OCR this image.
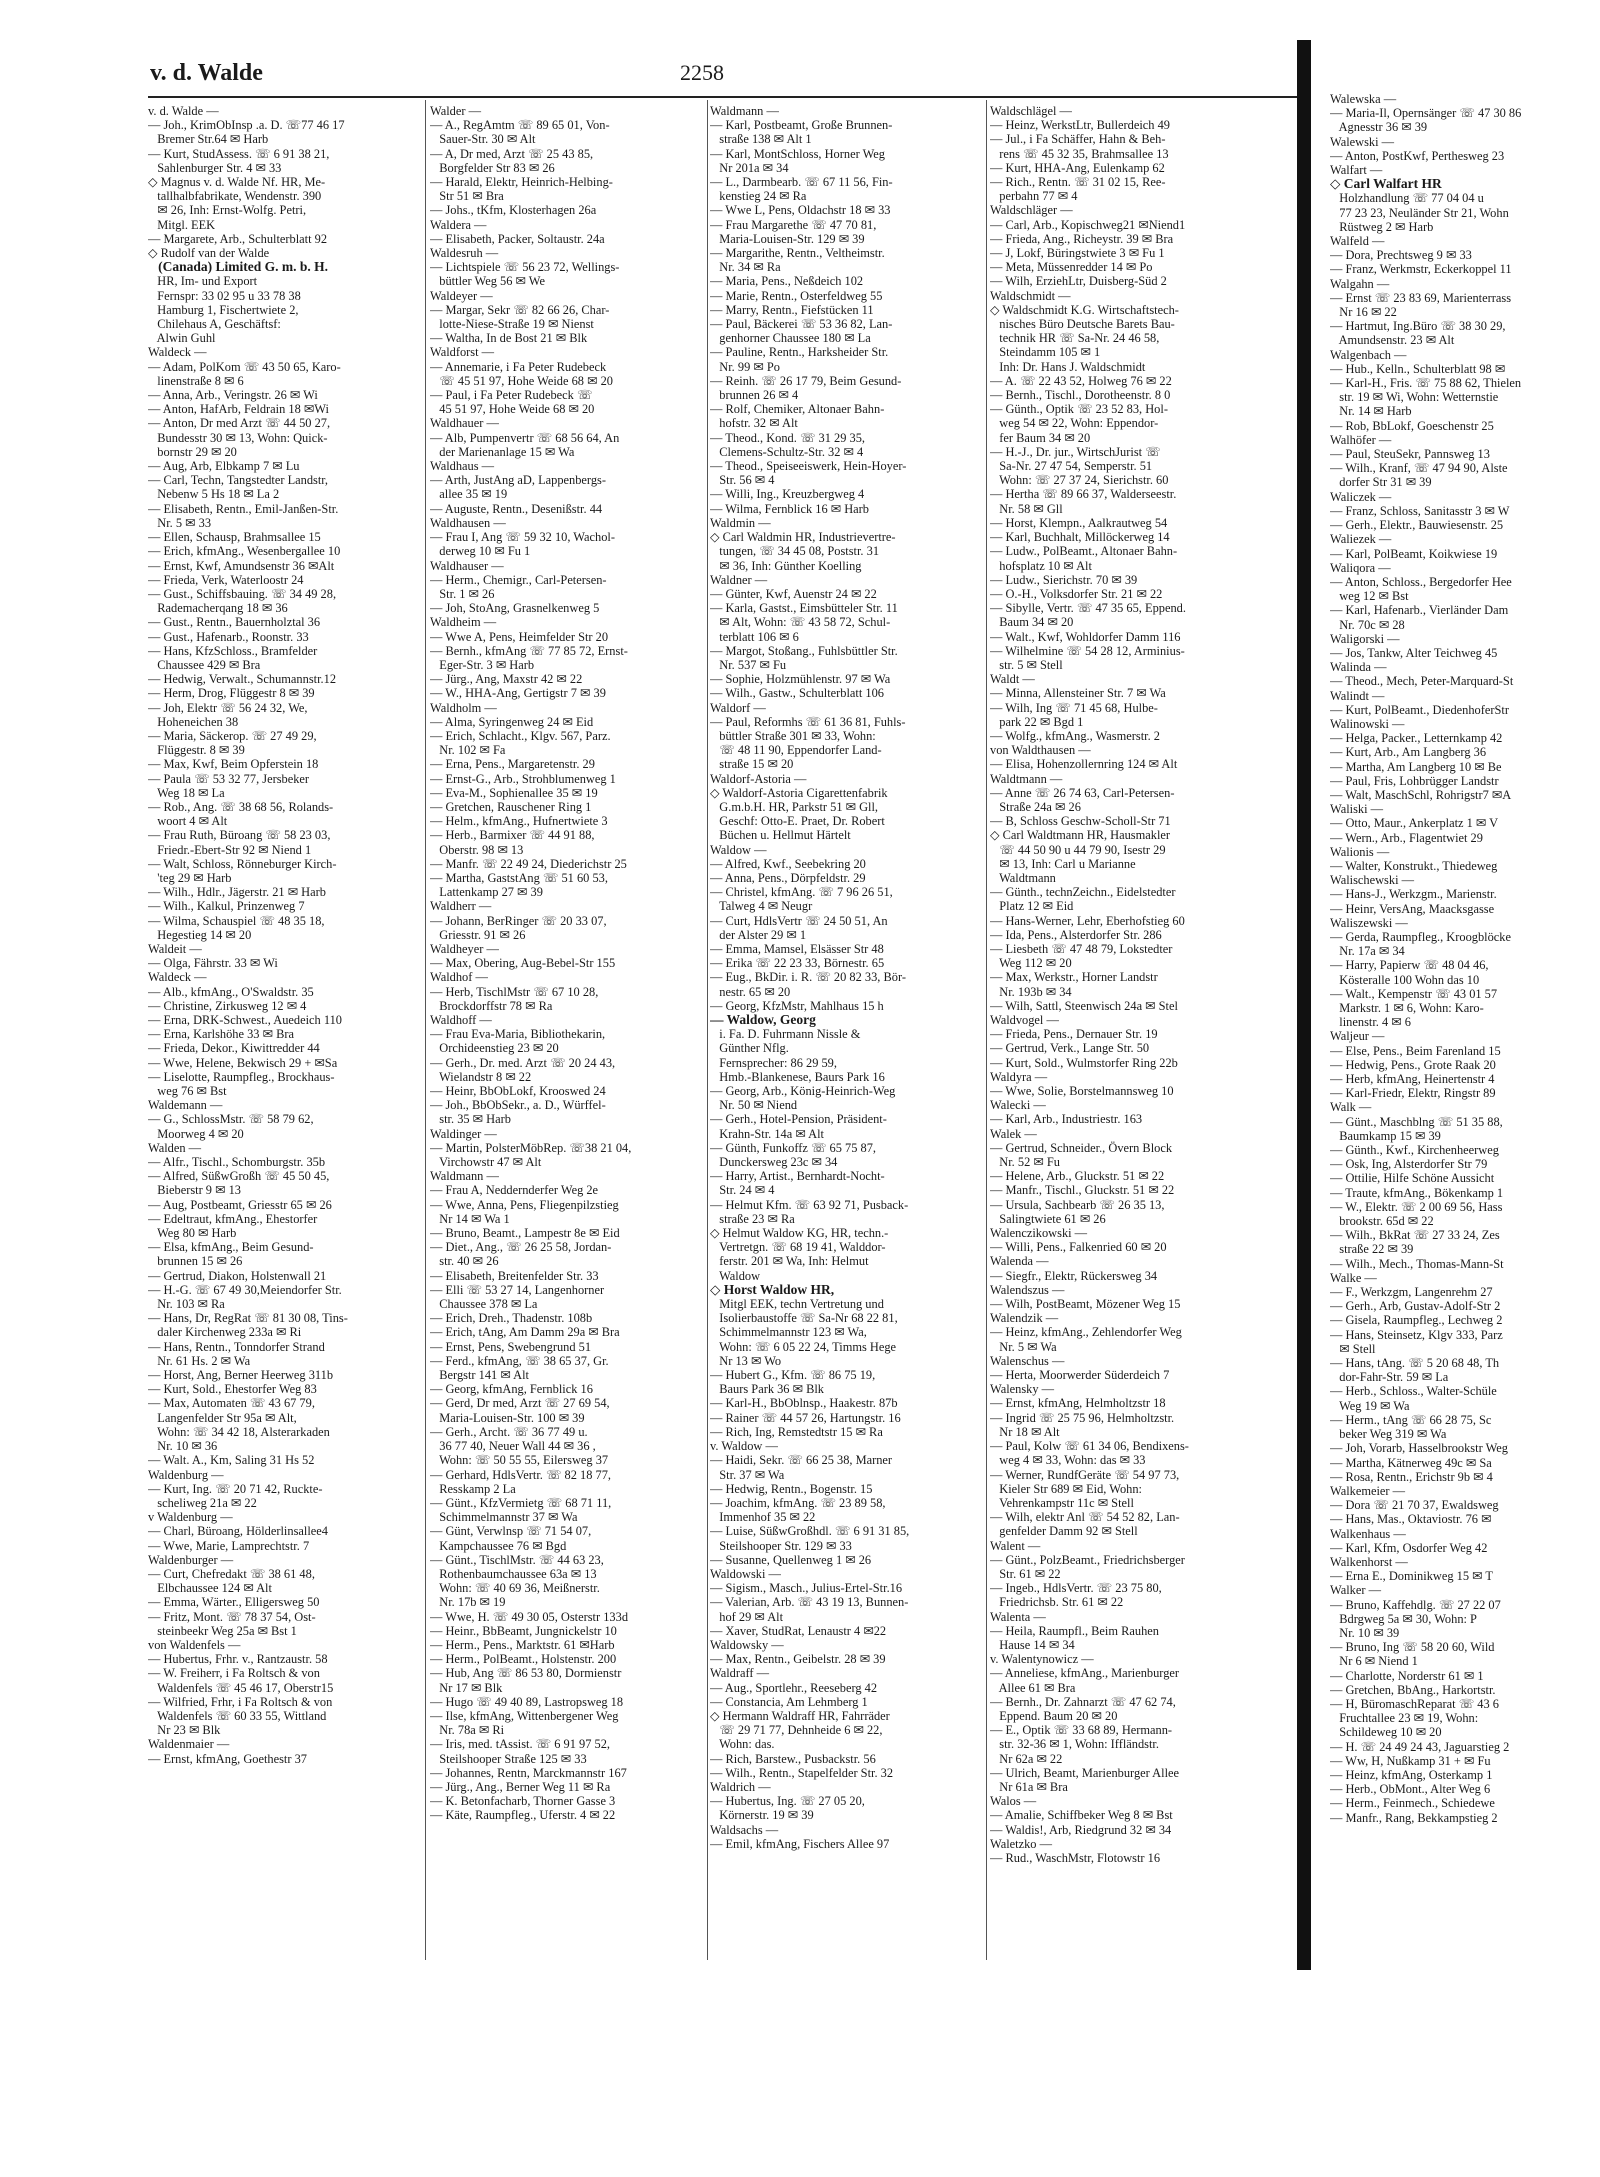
v. d. Walde	2258
v. d. Walde —
— Joh., KrimObInsp .a. D. ☏77 46 17
Bremer Str.64 ✉ Harb
— Kurt, StudAssess. ☏ 6 91 38 21,
Sahlenburger Str. 4 ✉ 33
◇ Magnus v. d. Walde Nf. HR, Me-
tallhalbfabrikate, Wendenstr. 390
✉ 26, Inh: Ernst-Wolfg. Petri,
Mitgl. EEK
— Margarete, Arb., Schulterblatt 92
◇ Rudolf van der Walde
(Canada) Limited G. m. b. H.
HR, Im- und Export
Fernspr: 33 02 95 u 33 78 38
Hamburg 1, Fischertwiete 2,
Chilehaus A, Geschäftsf:
Alwin Guhl
Waldeck —
— Adam, PolKom ☏ 43 50 65, Karo-
linenstraße 8 ✉ 6
— Anna, Arb., Veringstr. 26 ✉ Wi
— Anton, HafArb, Feldrain 18 ✉Wi
— Anton, Dr med Arzt ☏ 44 50 27,
Bundesstr 30 ✉ 13, Wohn: Quick-
bornstr 29 ✉ 20
— Aug, Arb, Elbkamp 7 ✉ Lu
— Carl, Techn, Tangstedter Landstr,
Nebenw 5 Hs 18 ✉ La 2
— Elisabeth, Rentn., Emil-Janßen-Str.
Nr. 5 ✉ 33
— Ellen, Schausp, Brahmsallee 15
— Erich, kfmAng., Wesenbergallee 10
— Ernst, Kwf, Amundsenstr 36 ✉Alt
— Frieda, Verk, Waterloostr 24
— Gust., Schiffsbauing. ☏ 34 49 28,
Rademacherqang 18 ✉ 36
— Gust., Rentn., Bauernholztal 36
— Gust., Hafenarb., Roonstr. 33
— Hans, KfzSchloss., Bramfelder
Chaussee 429 ✉ Bra
— Hedwig, Verwalt., Schumannstr.12
— Herm, Drog, Flüggestr 8 ✉ 39
— Joh, Elektr ☏ 56 24 32, We,
Hoheneichen 38
— Maria, Säckerop. ☏ 27 49 29,
Flüggestr. 8 ✉ 39
— Max, Kwf, Beim Opferstein 18
— Paula ☏ 53 32 77, Jersbeker
Weg 18 ✉ La
— Rob., Ang. ☏ 38 68 56, Rolands-
woort 4 ✉ Alt
— Frau Ruth, Büroang ☏ 58 23 03,
Friedr.-Ebert-Str 92 ✉ Niend 1
— Walt, Schloss, Rönneburger Kirch-
'teg 29 ✉ Harb
— Wilh., Hdlr., Jägerstr. 21 ✉ Harb
— Wilh., Kalkul, Prinzenweg 7
— Wilma, Schauspiel ☏ 48 35 18,
Hegestieg 14 ✉ 20
Waldeit —
— Olga, Fährstr. 33 ✉ Wi
Waldeck —
— Alb., kfmAng., O'Swaldstr. 35
— Christine, Zirkusweg 12 ✉ 4
— Erna, DRK-Schwest., Auedeich 110
— Erna, Karlshöhe 33 ✉ Bra
— Frieda, Dekor., Kiwittredder 44
— Wwe, Helene, Bekwisch 29 + ✉Sa
— Liselotte, Raumpfleg., Brockhaus-
weg 76 ✉ Bst
Waldemann —
— G., SchlossMstr. ☏ 58 79 62,
Moorweg 4 ✉ 20
Walden —
— Alfr., Tischl., Schomburgstr. 35b
— Alfred, SüßwGroßh ☏ 45 50 45,
Bieberstr 9 ✉ 13
— Aug, Postbeamt, Griesstr 65 ✉ 26
— Edeltraut, kfmAng., Ehestorfer
Weg 80 ✉ Harb
— Elsa, kfmAng., Beim Gesund-
brunnen 15 ✉ 26
— Gertrud, Diakon, Holstenwall 21
— H.-G. ☏ 67 49 30,Meiendorfer Str.
Nr. 103 ✉ Ra
— Hans, Dr, RegRat ☏ 81 30 08, Tins-
daler Kirchenweg 233a ✉ Ri
— Hans, Rentn., Tonndorfer Strand
Nr. 61 Hs. 2 ✉ Wa
— Horst, Ang, Berner Heerweg 311b
— Kurt, Sold., Ehestorfer Weg 83
— Max, Automaten ☏ 43 67 79,
Langenfelder Str 95a ✉ Alt,
Wohn: ☏ 34 42 18, Alsterarkaden
Nr. 10 ✉ 36
— Walt. A., Km, Saling 31 Hs 52
Waldenburg —
— Kurt, Ing. ☏ 20 71 42, Ruckte-
scheliweg 21a ✉ 22
v Waldenburg —
— Charl, Büroang, Hölderlinsallee4
— Wwe, Marie, Lamprechtstr. 7
Waldenburger —
— Curt, Chefredakt ☏ 38 61 48,
Elbchaussee 124 ✉ Alt
— Emma, Wärter., Elligersweg 50
— Fritz, Mont. ☏ 78 37 54, Ost-
steinbeekr Weg 25a ✉ Bst 1
von Waldenfels —
— Hubertus, Frhr. v., Rantzaustr. 58
— W. Freiherr, i Fa Roltsch & von
Waldenfels ☏ 45 46 17, Oberstr15
— Wilfried, Frhr, i Fa Roltsch & von
Waldenfels ☏ 60 33 55, Wittland
Nr 23 ✉ Blk
Waldenmaier —
— Ernst, kfmAng, Goethestr 37
Walder —
— A., RegAmtm ☏ 89 65 01, Von-
Sauer-Str. 30 ✉ Alt
— A, Dr med, Arzt ☏ 25 43 85,
Borgfelder Str 83 ✉ 26
— Harald, Elektr, Heinrich-Helbing-
Str 51 ✉ Bra
— Johs., tKfm, Klosterhagen 26a
Waldera —
— Elisabeth, Packer, Soltaustr. 24a
Waldesruh —
— Lichtspiele ☏ 56 23 72, Wellings-
büttler Weg 56 ✉ We
Waldeyer —
— Margar, Sekr ☏ 82 66 26, Char-
lotte-Niese-Straße 19 ✉ Nienst
— Waltha, In de Bost 21 ✉ Blk
Waldforst —
— Annemarie, i Fa Peter Rudebeck
☏ 45 51 97, Hohe Weide 68 ✉ 20
— Paul, i Fa Peter Rudebeck ☏
45 51 97, Hohe Weide 68 ✉ 20
Waldhauer —
— Alb, Pumpenvertr ☏ 68 56 64, An
der Marienanlage 15 ✉ Wa
Waldhaus —
— Arth, JustAng aD, Lappenbergs-
allee 35 ✉ 19
— Auguste, Rentn., Desenißstr. 44
Waldhausen —
— Frau I, Ang ☏ 59 32 10, Wachol-
derweg 10 ✉ Fu 1
Waldhauser —
— Herm., Chemigr., Carl-Petersen-
Str. 1 ✉ 26
— Joh, StoAng, Grasnelkenweg 5
Waldheim —
— Wwe A, Pens, Heimfelder Str 20
— Bernh., kfmAng ☏ 77 85 72, Ernst-
Eger-Str. 3 ✉ Harb
— Jürg., Ang, Maxstr 42 ✉ 22
— W., HHA-Ang, Gertigstr 7 ✉ 39
Waldholm —
— Alma, Syringenweg 24 ✉ Eid
— Erich, Schlacht., Klgv. 567, Parz.
Nr. 102 ✉ Fa
— Erna, Pens., Margaretenstr. 29
— Ernst-G., Arb., Strohblumenweg 1
— Eva-M., Sophienallee 35 ✉ 19
— Gretchen, Rauschener Ring 1
— Helm., kfmAng., Hufnertwiete 3
— Herb., Barmixer ☏ 44 91 88,
Oberstr. 98 ✉ 13
— Manfr. ☏ 22 49 24, Diederichstr 25
— Martha, GaststAng ☏ 51 60 53,
Lattenkamp 27 ✉ 39
Waldherr —
— Johann, BerRinger ☏ 20 33 07,
Griesstr. 91 ✉ 26
Waldheyer —
— Max, Obering, Aug-Bebel-Str 155
Waldhof —
— Herb, TischlMstr ☏ 67 10 28,
Brockdorffstr 78 ✉ Ra
Waldhoff —
— Frau Eva-Maria, Bibliothekarin,
Orchideenstieg 23 ✉ 20
— Gerh., Dr. med. Arzt ☏ 20 24 43,
Wielandstr 8 ✉ 22
— Heinr, BbObLokf, Krooswed 24
— Joh., BbObSekr., a. D., Würffel-
str. 35 ✉ Harb
Waldinger —
— Martin, PolsterMöbRep. ☏38 21 04,
Virchowstr 47 ✉ Alt
Waldmann —
— Frau A, Neddernderfer Weg 2e
— Wwe, Anna, Pens, Fliegenpilzstieg
Nr 14 ✉ Wa 1
— Bruno, Beamt., Lampestr 8e ✉ Eid
— Diet., Ang., ☏ 26 25 58, Jordan-
str. 40 ✉ 26
— Elisabeth, Breitenfelder Str. 33
— Elli ☏ 53 27 14, Langenhorner
Chaussee 378 ✉ La
— Erich, Dreh., Thadenstr. 108b
— Erich, tAng, Am Damm 29a ✉ Bra
— Ernst, Pens, Swebengrund 51
— Ferd., kfmAng, ☏ 38 65 37, Gr.
Bergstr 141 ✉ Alt
— Georg, kfmAng, Fernblick 16
— Gerd, Dr med, Arzt ☏ 27 69 54,
Maria-Louisen-Str. 100 ✉ 39
— Gerh., Archt. ☏ 36 77 49 u.
36 77 40, Neuer Wall 44 ✉ 36 ,
Wohn: ☏ 50 55 55, Eilersweg 37
— Gerhard, HdlsVertr. ☏ 82 18 77,
Resskamp 2 La
— Günt., KfzVermietg ☏ 68 71 11,
Schimmelmannstr 37 ✉ Wa
— Günt, Verwlnsp ☏ 71 54 07,
Kampchaussee 76 ✉ Bgd
— Günt., TischlMstr. ☏ 44 63 23,
Rothenbaumchaussee 63a ✉ 13
Wohn: ☏ 40 69 36, Meißnerstr.
Nr. 17b ✉ 19
— Wwe, H. ☏ 49 30 05, Osterstr 133d
— Heinr., BbBeamt, Jungnickelstr 10
— Herm., Pens., Marktstr. 61 ✉Harb
— Herm., PolBeamt., Holstenstr. 200
— Hub, Ang ☏ 86 53 80, Dormienstr
Nr 17 ✉ Blk
— Hugo ☏ 49 40 89, Lastropsweg 18
— Ilse, kfmAng, Wittenbergener Weg
Nr. 78a ✉ Ri
— Iris, med. tAssist. ☏ 6 91 97 52,
Steilshooper Straße 125 ✉ 33
— Johannes, Rentn, Marckmannstr 167
— Jürg., Ang., Berner Weg 11 ✉ Ra
— K. Betonfacharb, Thorner Gasse 3
— Käte, Raumpfleg., Uferstr. 4 ✉ 22
Waldmann —
— Karl, Postbeamt, Große Brunnen-
straße 138 ✉ Alt 1
— Karl, MontSchloss, Horner Weg
Nr 201a ✉ 34
— L., Darmbearb. ☏ 67 11 56, Fin-
kenstieg 24 ✉ Ra
— Wwe L, Pens, Oldachstr 18 ✉ 33
— Frau Margarethe ☏ 47 70 81,
Maria-Louisen-Str. 129 ✉ 39
— Margarithe, Rentn., Veltheimstr.
Nr. 34 ✉ Ra
— Maria, Pens., Neßdeich 102
— Marie, Rentn., Osterfeldweg 55
— Marry, Rentn., Fiefstücken 11
— Paul, Bäckerei ☏ 53 36 82, Lan-
genhorner Chaussee 180 ✉ La
— Pauline, Rentn., Harksheider Str.
Nr. 99 ✉ Po
— Reinh. ☏ 26 17 79, Beim Gesund-
brunnen 26 ✉ 4
— Rolf, Chemiker, Altonaer Bahn-
hofstr. 32 ✉ Alt
— Theod., Kond. ☏ 31 29 35,
Clemens-Schultz-Str. 32 ✉ 4
— Theod., Speiseeiswerk, Hein-Hoyer-
Str. 56 ✉ 4
— Willi, Ing., Kreuzbergweg 4
— Wilma, Fernblick 16 ✉ Harb
Waldmin —
◇ Carl Waldmin HR, Industrievertre-
tungen, ☏ 34 45 08, Poststr. 31
✉ 36, Inh: Günther Koelling
Waldner —
— Günter, Kwf, Auenstr 24 ✉ 22
— Karla, Gastst., Eimsbütteler Str. 11
✉ Alt, Wohn: ☏ 43 58 72, Schul-
terblatt 106 ✉ 6
— Margot, Stoßang., Fuhlsbüttler Str.
Nr. 537 ✉ Fu
— Sophie, Holzmühlenstr. 97 ✉ Wa
— Wilh., Gastw., Schulterblatt 106
Waldorf —
— Paul, Reformhs ☏ 61 36 81, Fuhls-
büttler Straße 301 ✉ 33, Wohn:
☏ 48 11 90, Eppendorfer Land-
straße 15 ✉ 20
Waldorf-Astoria —
◇ Waldorf-Astoria Cigarettenfabrik
G.m.b.H. HR, Parkstr 51 ✉ Gll,
Geschf: Otto-E. Praet, Dr. Robert
Büchen u. Hellmut Härtelt
Waldow —
— Alfred, Kwf., Seebekring 20
— Anna, Pens., Dörpfeldstr. 29
— Christel, kfmAng. ☏ 7 96 26 51,
Talweg 4 ✉ Neugr
— Curt, HdlsVertr ☏ 24 50 51, An
der Alster 29 ✉ 1
— Emma, Mamsel, Elsässer Str 48
— Erika ☏ 22 23 33, Börnestr. 65
— Eug., BkDir. i. R. ☏ 20 82 33, Bör-
nestr. 65 ✉ 20
— Georg, KfzMstr, Mahlhaus 15 h
— Waldow, Georg
i. Fa. D. Fuhrmann Nissle &
Günther Nflg.
Fernsprecher: 86 29 59,
Hmb.-Blankenese, Baurs Park 16
— Georg, Arb., König-Heinrich-Weg
Nr. 50 ✉ Niend
— Gerh., Hotel-Pension, Präsident-
Krahn-Str. 14a ✉ Alt
— Günth, Funkoffz ☏ 65 75 87,
Dunckersweg 23c ✉ 34
— Harry, Artist., Bernhardt-Nocht-
Str. 24 ✉ 4
— Helmut Kfm. ☏ 63 92 71, Pusback-
straße 23 ✉ Ra
◇ Helmut Waldow KG, HR, techn.-
Vertretgn. ☏ 68 19 41, Walddor-
ferstr. 201 ✉ Wa, Inh: Helmut
Waldow
◇ Horst Waldow HR,
Mitgl EEK, techn Vertretung und
Isolierbaustoffe ☏ Sa-Nr 68 22 81,
Schimmelmannstr 123 ✉ Wa,
Wohn: ☏ 6 05 22 24, Timms Hege
Nr 13 ✉ Wo
— Hubert G., Kfm. ☏ 86 75 19,
Baurs Park 36 ✉ Blk
— Karl-H., BbOblnsp., Haakestr. 87b
— Rainer ☏ 44 57 26, Hartungstr. 16
— Rich, Ing, Remstedtstr 15 ✉ Ra
v. Waldow —
— Haidi, Sekr. ☏ 66 25 38, Marner
Str. 37 ✉ Wa
— Hedwig, Rentn., Bogenstr. 15
— Joachim, kfmAng. ☏ 23 89 58,
Immenhof 35 ✉ 22
— Luise, SüßwGroßhdl. ☏ 6 91 31 85,
Steilshooper Str. 129 ✉ 33
— Susanne, Quellenweg 1 ✉ 26
Waldowski —
— Sigism., Masch., Julius-Ertel-Str.16
— Valerian, Arb. ☏ 43 19 13, Bunnen-
hof 29 ✉ Alt
— Xaver, StudRat, Lenaustr 4 ✉22
Waldowsky —
— Max, Rentn., Geibelstr. 28 ✉ 39
Waldraff —
— Aug., Sportlehr., Reeseberg 42
— Constancia, Am Lehmberg 1
◇ Hermann Waldraff HR, Fahrräder
☏ 29 71 77, Dehnheide 6 ✉ 22,
Wohn: das.
— Rich, Barstew., Pusbackstr. 56
— Wilh., Rentn., Stapelfelder Str. 32
Waldrich —
— Hubertus, Ing. ☏ 27 05 20,
Körnerstr. 19 ✉ 39
Waldsachs —
— Emil, kfmAng, Fischers Allee 97
Waldschlägel —
— Heinz, WerkstLtr, Bullerdeich 49
— Jul., i Fa Schäffer, Hahn & Beh-
rens ☏ 45 32 35, Brahmsallee 13
— Kurt, HHA-Ang, Eulenkamp 62
— Rich., Rentn. ☏ 31 02 15, Ree-
perbahn 77 ✉ 4
Waldschläger —
— Carl, Arb., Kopischweg21 ✉Niend1
— Frieda, Ang., Richeystr. 39 ✉ Bra
— J, Lokf, Büringstwiete 3 ✉ Fu 1
— Meta, Müssenredder 14 ✉ Po
— Wilh, ErziehLtr, Duisberg-Süd 2
Waldschmidt —
◇ Waldschmidt K.G. Wirtschaftstech-
nisches Büro Deutsche Barets Bau-
technik HR ☏ Sa-Nr. 24 46 58,
Steindamm 105 ✉ 1
Inh: Dr. Hans J. Waldschmidt
— A. ☏ 22 43 52, Holweg 76 ✉ 22
— Bernh., Tischl., Dorotheenstr. 8 0
— Günth., Optik ☏ 23 52 83, Hol-
weg 54 ✉ 22, Wohn: Eppendor-
fer Baum 34 ✉ 20
— H.-J., Dr. jur., WirtschJurist ☏
Sa-Nr. 27 47 54, Semperstr. 51
Wohn: ☏ 27 37 24, Sierichstr. 60
— Hertha ☏ 89 66 37, Walderseestr.
Nr. 58 ✉ Gll
— Horst, Klempn., Aalkrautweg 54
— Karl, Buchhalt, Millöckerweg 14
— Ludw., PolBeamt., Altonaer Bahn-
hofsplatz 10 ✉ Alt
— Ludw., Sierichstr. 70 ✉ 39
— O.-H., Volksdorfer Str. 21 ✉ 22
— Sibylle, Vertr. ☏ 47 35 65, Eppend.
Baum 34 ✉ 20
— Walt., Kwf, Wohldorfer Damm 116
— Wilhelmine ☏ 54 28 12, Arminius-
str. 5 ✉ Stell
Waldt —
— Minna, Allensteiner Str. 7 ✉ Wa
— Wilh, Ing ☏ 71 45 68, Hulbe-
park 22 ✉ Bgd 1
— Wolfg., kfmAng., Wasmerstr. 2
von Waldthausen —
— Elisa, Hohenzollernring 124 ✉ Alt
Waldtmann —
— Anne ☏ 26 74 63, Carl-Petersen-
Straße 24a ✉ 26
— B, Schloss Geschw-Scholl-Str 71
◇ Carl Waldtmann HR, Hausmakler
☏ 44 50 90 u 44 79 90, Isestr 29
✉ 13, Inh: Carl u Marianne
Waldtmann
— Günth., technZeichn., Eidelstedter
Platz 12 ✉ Eid
— Hans-Werner, Lehr, Eberhofstieg 60
— Ida, Pens., Alsterdorfer Str. 286
— Liesbeth ☏ 47 48 79, Lokstedter
Weg 112 ✉ 20
— Max, Werkstr., Horner Landstr
Nr. 193b ✉ 34
— Wilh, Sattl, Steenwisch 24a ✉ Stel
Waldvogel —
— Frieda, Pens., Dernauer Str. 19
— Gertrud, Verk., Lange Str. 50
— Kurt, Sold., Wulmstorfer Ring 22b
Waldyra —
— Wwe, Solie, Borstelmannsweg 10
Walecki —
— Karl, Arb., Industriestr. 163
Walek —
— Gertrud, Schneider., Övern Block
Nr. 52 ✉ Fu
— Helene, Arb., Gluckstr. 51 ✉ 22
— Manfr., Tischl., Gluckstr. 51 ✉ 22
— Ursula, Sachbearb ☏ 26 35 13,
Salingtwiete 61 ✉ 26
Walenczikowski —
— Willi, Pens., Falkenried 60 ✉ 20
Walenda —
— Siegfr., Elektr, Rückersweg 34
Walendszus —
— Wilh, PostBeamt, Mözener Weg 15
Walendzik —
— Heinz, kfmAng., Zehlendorfer Weg
Nr. 5 ✉ Wa
Walenschus —
— Herta, Moorwerder Süderdeich 7
Walensky —
— Ernst, kfmAng, Helmholtzstr 18
— Ingrid ☏ 25 75 96, Helmholtzstr.
Nr 18 ✉ Alt
— Paul, Kolw ☏ 61 34 06, Bendixens-
weg 4 ✉ 33, Wohn: das ✉ 33
— Werner, RundfGeräte ☏ 54 97 73,
Kieler Str 689 ✉ Eid, Wohn:
Vehrenkampstr 11c ✉ Stell
— Wilh, elektr Anl ☏ 54 52 82, Lan-
genfelder Damm 92 ✉ Stell
Walent —
— Günt., PolzBeamt., Friedrichsberger
Str. 61 ✉ 22
— Ingeb., HdlsVertr. ☏ 23 75 80,
Friedrichsb. Str. 61 ✉ 22
Walenta —
— Heila, Raumpfl., Beim Rauhen
Hause 14 ✉ 34
v. Walentynowicz —
— Anneliese, kfmAng., Marienburger
Allee 61 ✉ Bra
— Bernh., Dr. Zahnarzt ☏ 47 62 74,
Eppend. Baum 20 ✉ 20
— E., Optik ☏ 33 68 89, Hermann-
str. 32-36 ✉ 1, Wohn: Iffländstr.
Nr 62a ✉ 22
— Ulrich, Beamt, Marienburger Allee
Nr 61a ✉ Bra
Walos —
— Amalie, Schiffbeker Weg 8 ✉ Bst
— Waldis!, Arb, Riedgrund 32 ✉ 34
Waletzko —
— Rud., WaschMstr, Flotowstr 16
Walewska —
— Maria-Il, Opernsänger ☏ 47 30 86
Agnesstr 36 ✉ 39
Walewski —
— Anton, PostKwf, Perthesweg 23
Walfart —
◇ Carl Walfart HR
Holzhandlung ☏ 77 04 04 u
77 23 23, Neuländer Str 21, Wohn
Rüstweg 2 ✉ Harb
Walfeld —
— Dora, Prechtsweg 9 ✉ 33
— Franz, Werkmstr, Eckerkoppel 11
Walgahn —
— Ernst ☏ 23 83 69, Marienterrass
Nr 16 ✉ 22
— Hartmut, Ing.Büro ☏ 38 30 29,
Amundsenstr. 23 ✉ Alt
Walgenbach —
— Hub., Kelln., Schulterblatt 98 ✉
— Karl-H., Fris. ☏ 75 88 62, Thielen
str. 19 ✉ Wi, Wohn: Wetternstie
Nr. 14 ✉ Harb
— Rob, BbLokf, Goeschenstr 25
Walhöfer —
— Paul, SteuSekr, Pannsweg 13
— Wilh., Kranf, ☏ 47 94 90, Alste
dorfer Str 31 ✉ 39
Waliczek —
— Franz, Schloss, Sanitasstr 3 ✉ W
— Gerh., Elektr., Bauwiesenstr. 25
Waliezek —
— Karl, PolBeamt, Koikwiese 19
Waliqora —
— Anton, Schloss., Bergedorfer Hee
weg 12 ✉ Bst
— Karl, Hafenarb., Vierländer Dam
Nr. 70c ✉ 28
Waligorski —
— Jos, Tankw, Alter Teichweg 45
Walinda —
— Theod., Mech, Peter-Marquard-St
Walindt —
— Kurt, PolBeamt., DiedenhoferStr
Walinowski —
— Helga, Packer., Letternkamp 42
— Kurt, Arb., Am Langberg 36
— Martha, Am Langberg 10 ✉ Be
— Paul, Fris, Lohbrügger Landstr
— Walt, MaschSchl, Rohrigstr7 ✉A
Waliski —
— Otto, Maur., Ankerplatz 1 ✉ V
— Wern., Arb., Flagentwiet 29
Walionis —
— Walter, Konstrukt., Thiedeweg
Walischewski —
— Hans-J., Werkzgm., Marienstr.
— Heinr, VersAng, Maacksgasse
Waliszewski —
— Gerda, Raumpfleg., Kroogblöcke
Nr. 17a ✉ 34
— Harry, Papierw ☏ 48 04 46,
Kösteralle 100 Wohn das 10
— Walt., Kempenstr ☏ 43 01 57
Markstr. 1 ✉ 6, Wohn: Karo-
linenstr. 4 ✉ 6
Waljeur —
— Else, Pens., Beim Farenland 15
— Hedwig, Pens., Grote Raak 20
— Herb, kfmAng, Heinertenstr 4
— Karl-Friedr, Elektr, Ringstr 89
Walk —
— Günt., Maschblng ☏ 51 35 88,
Baumkamp 15 ✉ 39
— Günth., Kwf., Kirchenheerweg
— Osk, Ing, Alsterdorfer Str 79
— Ottilie, Hilfe Schöne Aussicht
— Traute, kfmAng., Bökenkamp 1
— W., Elektr. ☏ 2 00 69 56, Hass
brookstr. 65d ✉ 22
— Wilh., BkRat ☏ 27 33 24, Zes
straße 22 ✉ 39
— Wilh., Mech., Thomas-Mann-St
Walke —
— F., Werkzgm, Langenrehm 27
— Gerh., Arb, Gustav-Adolf-Str 2
— Gisela, Raumpfleg., Lechweg 2
— Hans, Steinsetz, Klgv 333, Parz
✉ Stell
— Hans, tAng. ☏ 5 20 68 48, Th
dor-Fahr-Str. 59 ✉ La
— Herb., Schloss., Walter-Schüle
Weg 19 ✉ Wa
— Herm., tAng ☏ 66 28 75, Sc
beker Weg 319 ✉ Wa
— Joh, Vorarb, Hasselbrookstr Weg
— Martha, Kätnerweg 49c ✉ Sa
— Rosa, Rentn., Erichstr 9b ✉ 4
Walkemeier —
— Dora ☏ 21 70 37, Ewaldsweg
— Hans, Mas., Oktaviostr. 76 ✉
Walkenhaus —
— Karl, Kfm, Osdorfer Weg 42
Walkenhorst —
— Erna E., Dominikweg 15 ✉ T
Walker —
— Bruno, Kaffehdlg. ☏ 27 22 07
Bdrgweg 5a ✉ 30, Wohn: P
Nr. 10 ✉ 39
— Bruno, Ing ☏ 58 20 60, Wild
Nr 6 ✉ Niend 1
— Charlotte, Norderstr 61 ✉ 1
— Gretchen, BbAng., Harkortstr.
— H, BüromaschReparat ☏ 43 6
Fruchtallee 23 ✉ 19, Wohn:
Schildeweg 10 ✉ 20
— H. ☏ 24 49 24 43, Jaguarstieg 2
— Ww, H, Nußkamp 31 + ✉ Fu
— Heinz, kfmAng, Osterkamp 1
— Herb., ObMont., Alter Weg 6
— Herm., Feinmech., Schiedewe
— Manfr., Rang, Bekkampstieg 2
